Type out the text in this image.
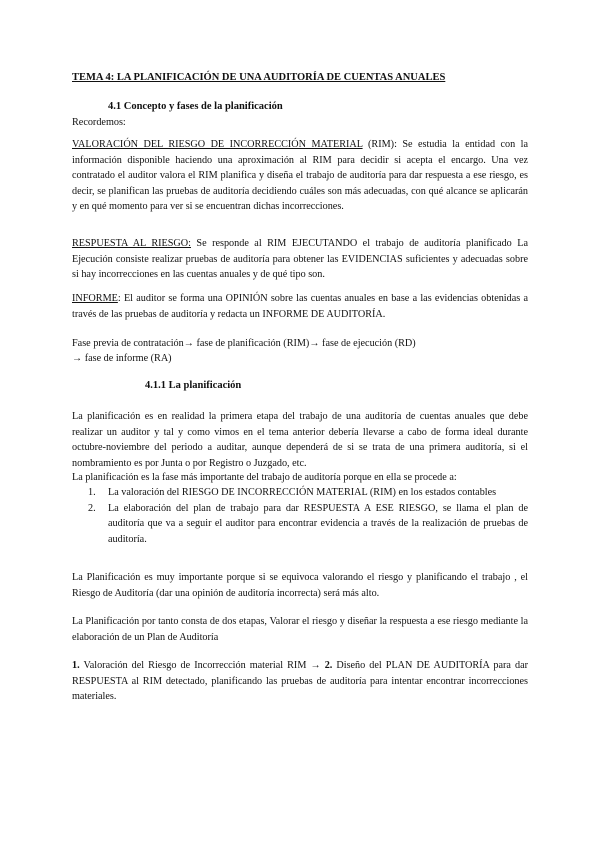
TEMA 4: LA PLANIFICACIÓN DE UNA AUDITORÍA DE CUENTAS ANUALES
4.1 Concepto y fases de la planificación
Recordemos:
VALORACIÓN DEL RIESGO DE INCORRECCIÓN MATERIAL (RIM): Se estudia la entidad con la información disponible haciendo una aproximación al RIM para decidir si acepta el encargo. Una vez contratado el auditor valora el RIM planifica y diseña el trabajo de auditoría para dar respuesta a ese riesgo, es decir, se planifican las pruebas de auditoría decidiendo cuáles son más adecuadas, con qué alcance se aplicarán y en qué momento para ver si se encuentran dichas incorrecciones.
RESPUESTA AL RIESGO: Se responde al RIM EJECUTANDO el trabajo de auditoría planificado La Ejecución consiste realizar pruebas de auditoría para obtener las EVIDENCIAS suficientes y adecuadas sobre si hay incorrecciones en las cuentas anuales y de qué tipo son.
INFORME: El auditor se forma una OPINIÓN sobre las cuentas anuales en base a las evidencias obtenidas a través de las pruebas de auditoría y redacta un INFORME DE AUDITORÍA.
Fase previa de contratación→ fase de planificación (RIM)→ fase de ejecución (RD)
→ fase de informe (RA)
4.1.1 La planificación
La planificación es en realidad la primera etapa del trabajo de una auditoría de cuentas anuales que debe realizar un auditor y tal y como vimos en el tema anterior debería llevarse a cabo de forma ideal durante octubre-noviembre del periodo a auditar, aunque dependerá de si se trata de una primera auditoría, si el nombramiento es por Junta o por Registro o Juzgado, etc.
La planificación es la fase más importante del trabajo de auditoría porque en ella se procede a:
1. La valoración del RIESGO DE INCORRECCIÓN MATERIAL (RIM) en los estados contables
2. La elaboración del plan de trabajo para dar RESPUESTA A ESE RIESGO, se llama el plan de auditoría que va a seguir el auditor para encontrar evidencia a través de la realización de pruebas de auditoría.
La Planificación es muy importante porque si se equivoca valorando el riesgo y planificando el trabajo , el Riesgo de Auditoría (dar una opinión de auditoría incorrecta) será más alto.
La Planificación por tanto consta de dos etapas, Valorar el riesgo y diseñar la respuesta a ese riesgo mediante la elaboración de un Plan de Auditoría
1. Valoración del Riesgo de Incorrección material RIM → 2. Diseño del PLAN DE AUDITORÍA para dar RESPUESTA al RIM detectado, planificando las pruebas de auditoría para intentar encontrar incorrecciones materiales.
